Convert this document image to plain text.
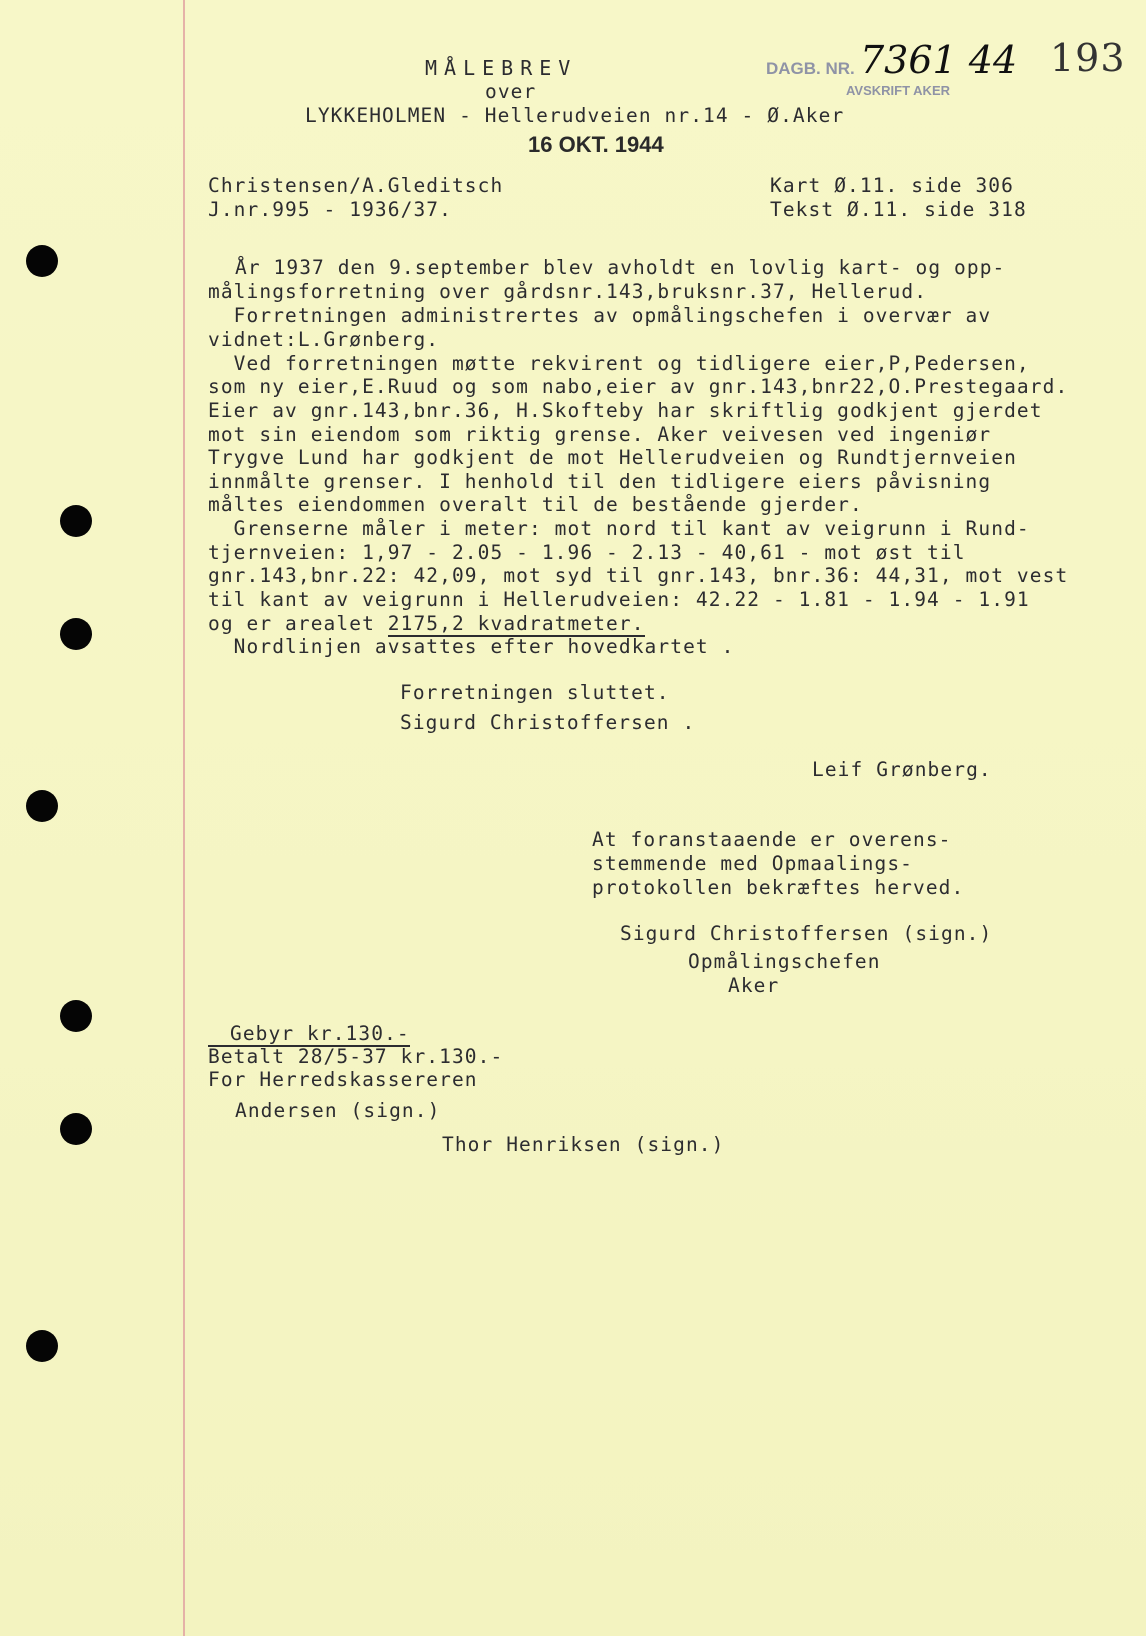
MÅLEBREV
over
LYKKEHOLMEN - Hellerudveien nr.14 - Ø.Aker
DAGB. NR.
AVSKRIFT AKER
7361 44 193
16 OKT. 1944
Christensen/A.Gleditsch
J.nr.995 - 1936/37.
Kart Ø.11. side 306
Tekst Ø.11. side 318
År 1937 den 9.september blev avholdt en lovlig kart- og opp-
målingsforretning over gårdsnr.143,bruksnr.37, Hellerud.
Forretningen administrertes av opmålingschefen i overvær av
vidnet:L.Grønberg.
Ved forretningen møtte rekvirent og tidligere eier,P,Pedersen,
som ny eier,E.Ruud og som nabo,eier av gnr.143,bnr22,O.Prestegaard.
Eier av gnr.143,bnr.36, H.Skofteby har skriftlig godkjent gjerdet
mot sin eiendom som riktig grense. Aker veivesen ved ingeniør
Trygve Lund har godkjent de mot Hellerudveien og Rundtjernveien
innmålte grenser. I henhold til den tidligere eiers påvisning
måltes eiendommen overalt til de bestående gjerder.
Grenserne måler i meter: mot nord til kant av veigrunn i Rund-
tjernveien: 1,97 - 2.05 - 1.96 - 2.13 - 40,61 - mot øst til
gnr.143,bnr.22: 42,09, mot syd til gnr.143, bnr.36: 44,31, mot vest
til kant av veigrunn i Hellerudveien: 42.22 - 1.81 - 1.94 - 1.91
og er arealet 2175,2 kvadratmeter.
Nordlinjen avsattes efter hovedkartet .
Forretningen sluttet.
Sigurd Christoffersen .
Leif Grønberg.
At foranstaaende er overens-
stemmende med Opmaalings-
protokollen bekræftes herved.
Sigurd Christoffersen (sign.)
Opmålingschefen
Aker
Gebyr kr.130.-
Betalt 28/5-37 kr.130.-
For Herredskassereren
Andersen (sign.)
Thor Henriksen (sign.)
